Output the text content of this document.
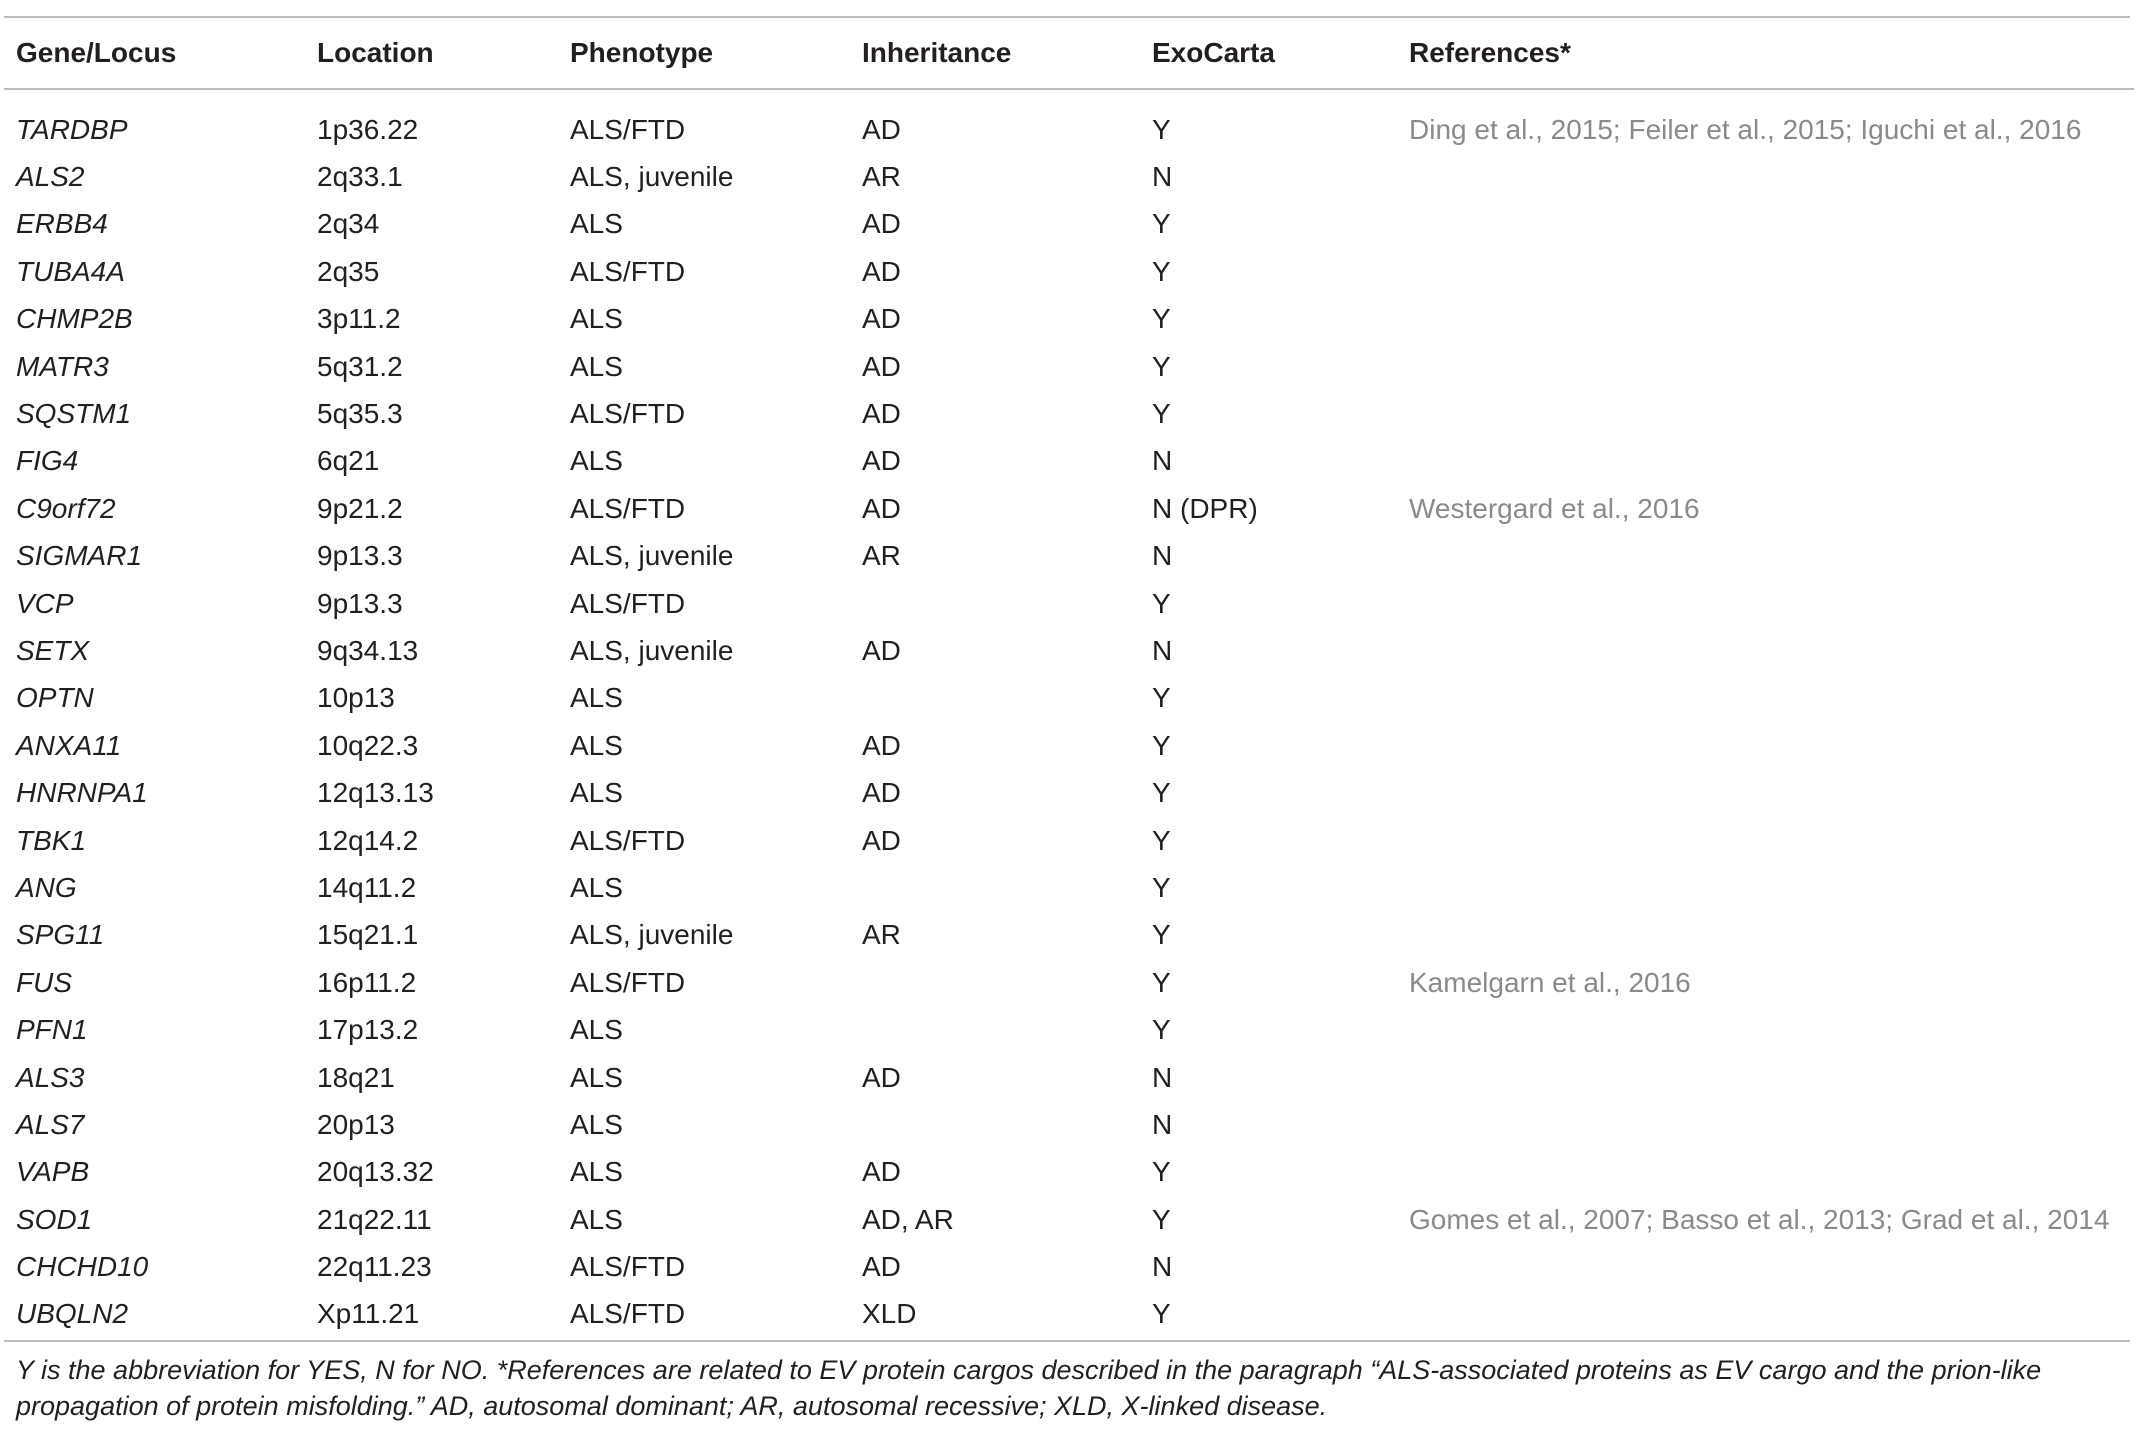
Gene/Locus	Location	Phenotype	Inheritance	ExoCarta	References*

TARDBP	1p36.22	ALS/FTD	AD	Y	Ding et al., 2015; Feiler et al., 2015; Iguchi et al., 2016
ALS2	2q33.1	ALS, juvenile	AR	N	
ERBB4	2q34	ALS	AD	Y	
TUBA4A	2q35	ALS/FTD	AD	Y	
CHMP2B	3p11.2	ALS	AD	Y	
MATR3	5q31.2	ALS	AD	Y	
SQSTM1	5q35.3	ALS/FTD	AD	Y	
FIG4	6q21	ALS	AD	N	
C9orf72	9p21.2	ALS/FTD	AD	N (DPR)	Westergard et al., 2016
SIGMAR1	9p13.3	ALS, juvenile	AR	N	
VCP	9p13.3	ALS/FTD		Y	
SETX	9q34.13	ALS, juvenile	AD	N	
OPTN	10p13	ALS		Y	
ANXA11	10q22.3	ALS	AD	Y	
HNRNPA1	12q13.13	ALS	AD	Y	
TBK1	12q14.2	ALS/FTD	AD	Y	
ANG	14q11.2	ALS		Y	
SPG11	15q21.1	ALS, juvenile	AR	Y	
FUS	16p11.2	ALS/FTD		Y	Kamelgarn et al., 2016
PFN1	17p13.2	ALS		Y	
ALS3	18q21	ALS	AD	N	
ALS7	20p13	ALS		N	
VAPB	20q13.32	ALS	AD	Y	
SOD1	21q22.11	ALS	AD, AR	Y	Gomes et al., 2007; Basso et al., 2013; Grad et al., 2014
CHCHD10	22q11.23	ALS/FTD	AD	N	
UBQLN2	Xp11.21	ALS/FTD	XLD	Y	
Y is the abbreviation for YES, N for NO. *References are related to EV protein cargos described in the paragraph “ALS-associated proteins as EV cargo and the prion-like
propagation of protein misfolding.” AD, autosomal dominant; AR, autosomal recessive; XLD, X-linked disease.
